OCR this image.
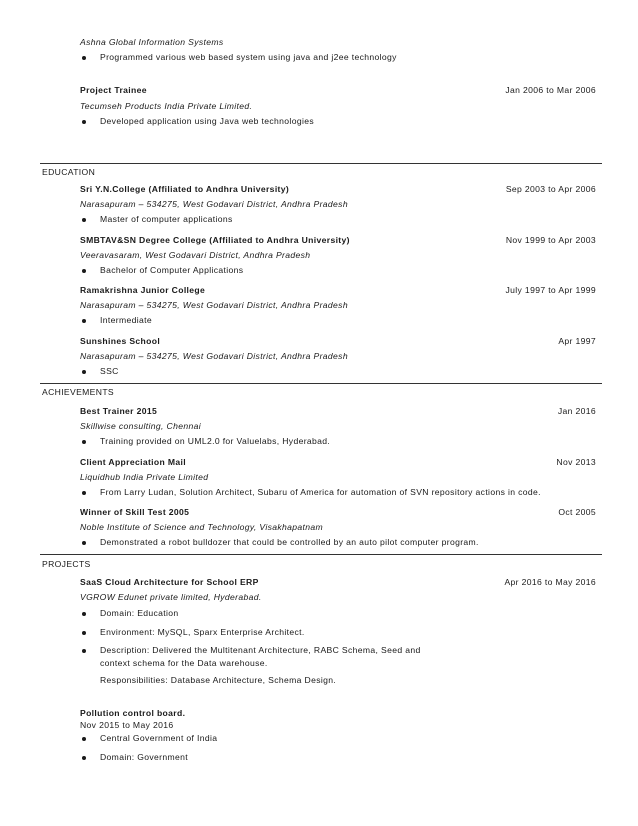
Ashna Global Information Systems
Programmed various web based system using java and j2ee technology
Project Trainee	Jan 2006 to Mar 2006
Tecumseh Products India Private Limited.
Developed application using Java web technologies
EDUCATION
Sri Y.N.College (Affiliated to Andhra University)	Sep 2003 to Apr 2006
Narasapuram – 534275, West Godavari District, Andhra Pradesh
Master of computer applications
SMBTAV&SN Degree College (Affiliated to Andhra University)	Nov 1999 to Apr 2003
Veeravasaram, West Godavari District, Andhra Pradesh
Bachelor of Computer Applications
Ramakrishna Junior College	July 1997 to Apr 1999
Narasapuram – 534275, West Godavari District, Andhra Pradesh
Intermediate
Sunshines School	Apr 1997
Narasapuram – 534275, West Godavari District, Andhra Pradesh
SSC
ACHIEVEMENTS
Best Trainer 2015	Jan 2016
Skillwise consulting, Chennai
Training provided on UML2.0 for Valuelabs, Hyderabad.
Client Appreciation Mail	Nov 2013
Liquidhub India Private Limited
From Larry Ludan, Solution Architect, Subaru of America for automation of SVN repository actions in code.
Winner of Skill Test 2005	Oct 2005
Noble Institute of Science and Technology, Visakhapatnam
Demonstrated a robot bulldozer that could be controlled by an auto pilot computer program.
PROJECTS
SaaS Cloud Architecture for School ERP	Apr 2016 to May 2016
VGROW Edunet private limited, Hyderabad.
Domain: Education
Environment: MySQL, Sparx Enterprise Architect.
Description: Delivered the Multitenant Architecture, RABC Schema, Seed and
context schema for the Data warehouse.
Responsibilities: Database Architecture, Schema Design.
Pollution control board.
Nov 2015 to May 2016
Central Government of India
Domain: Government
